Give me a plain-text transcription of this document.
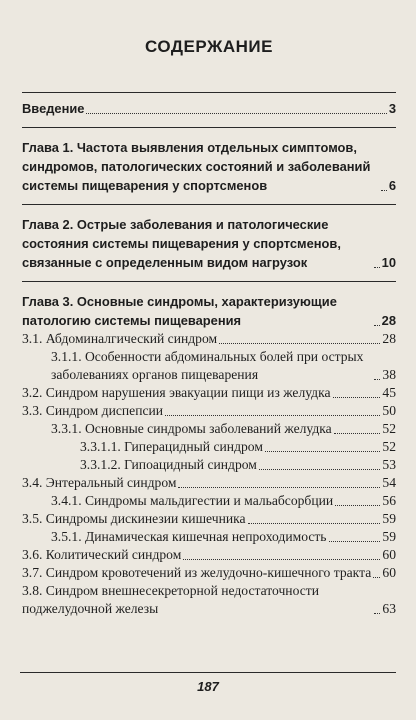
СОДЕРЖАНИЕ
Введение	3
Глава 1. Частота выявления отдельных симптомов, синдромов, патологических состояний и заболеваний системы пищеварения у спортсменов	6
Глава 2. Острые заболевания и патологические состояния системы пищеварения у спортсменов, связанные с определенным видом нагрузок	10
Глава 3. Основные синдромы, характеризующие патологию системы пищеварения	28
3.1. Абдоминалгический синдром	28
3.1.1. Особенности абдоминальных болей при острых заболеваниях органов пищеварения	38
3.2. Синдром нарушения эвакуации пищи из желудка	45
3.3. Синдром диспепсии	50
3.3.1. Основные синдромы заболеваний желудка	52
3.3.1.1. Гиперацидный синдром	52
3.3.1.2. Гипоацидный синдром	53
3.4. Энтеральный синдром	54
3.4.1. Синдромы мальдигестии и мальабсорбции	56
3.5. Синдромы дискинезии кишечника	59
3.5.1. Динамическая кишечная непроходимость	59
3.6. Колитический синдром	60
3.7. Синдром кровотечений из желудочно-кишечного тракта 60
3.8. Синдром внешнесекреторной недостаточности поджелудочной железы	63
187
